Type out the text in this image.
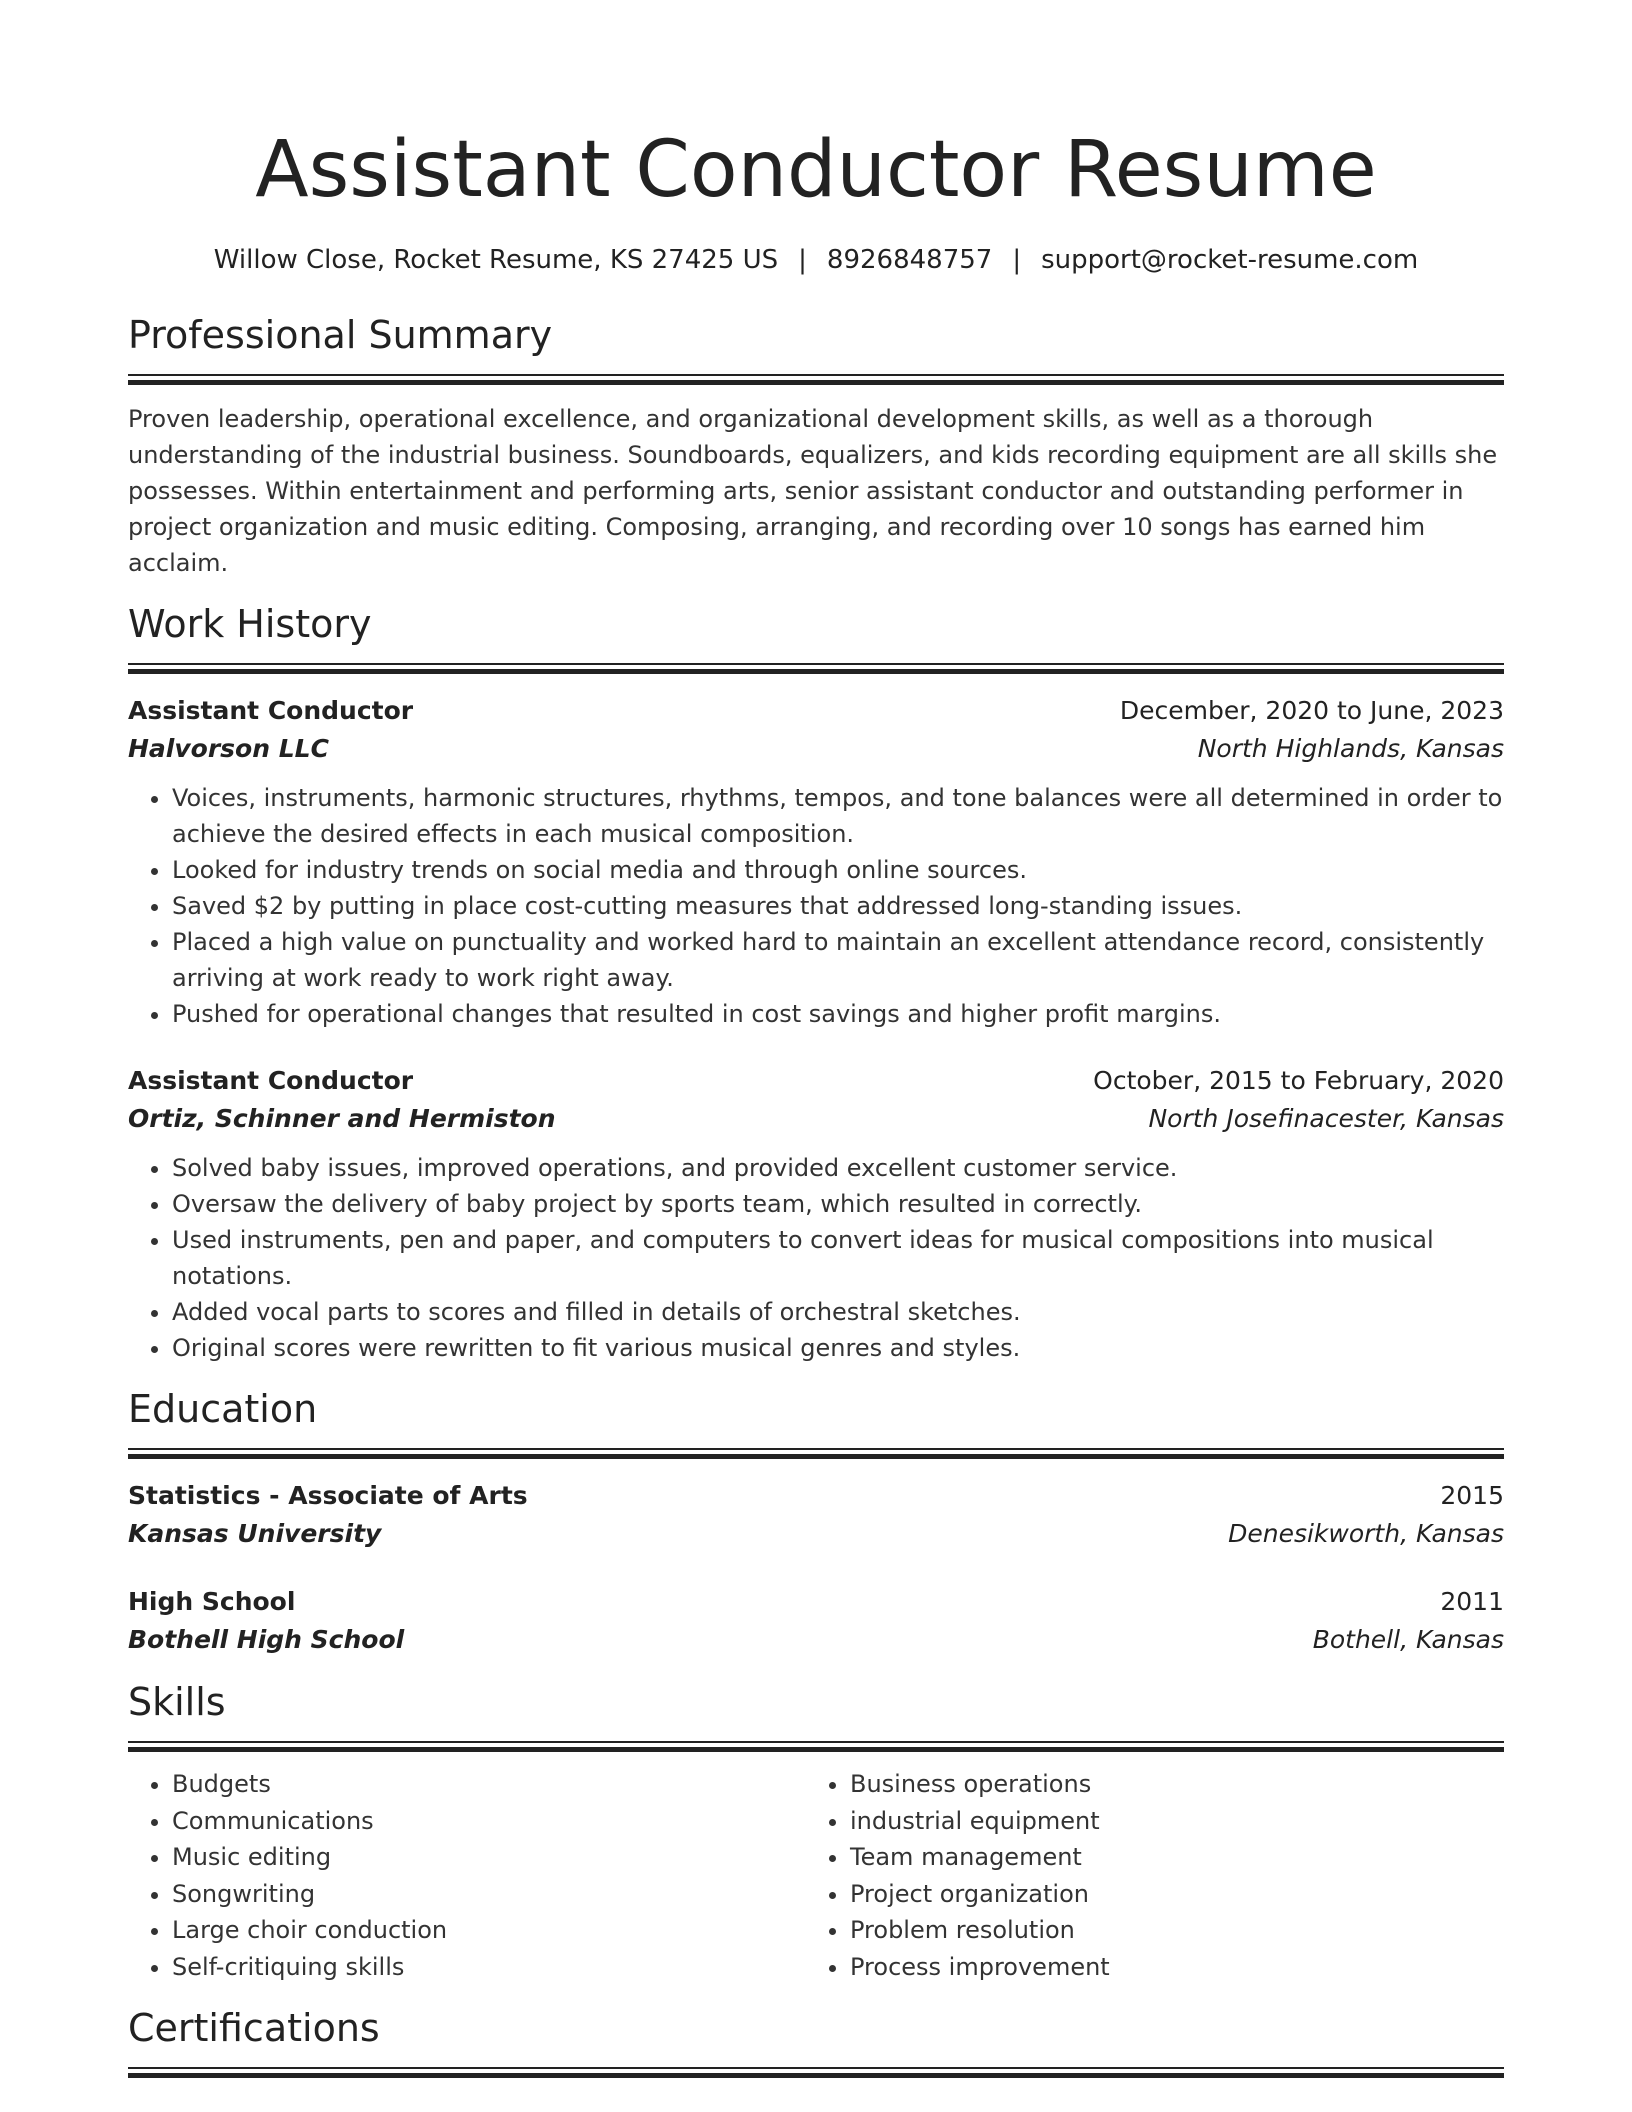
Assistant Conductor Resume
Willow Close, Rocket Resume, KS 27425 US | 8926848757 | support@rocket-resume.com
Professional Summary

Proven leadership, operational excellence, and organizational development skills, as well as a thorough understanding of the industrial business. Soundboards, equalizers, and kids recording equipment are all skills she possesses. Within entertainment and performing arts, senior assistant conductor and outstanding performer in project organization and music editing. Composing, arranging, and recording over 10 songs has earned him acclaim.

Work History
Assistant Conductor	December, 2020 to June, 2023
Halvorson LLC	North Highlands, Kansas
• Voices, instruments, harmonic structures, rhythms, tempos, and tone balances were all determined in order to achieve the desired effects in each musical composition.
• Looked for industry trends on social media and through online sources.
• Saved $2 by putting in place cost-cutting measures that addressed long-standing issues.
• Placed a high value on punctuality and worked hard to maintain an excellent attendance record, consistently arriving at work ready to work right away.
• Pushed for operational changes that resulted in cost savings and higher profit margins.
Assistant Conductor	October, 2015 to February, 2020
Ortiz, Schinner and Hermiston	North Josefinacester, Kansas
• Solved baby issues, improved operations, and provided excellent customer service.
• Oversaw the delivery of baby project by sports team, which resulted in correctly.
• Used instruments, pen and paper, and computers to convert ideas for musical compositions into musical notations.
• Added vocal parts to scores and filled in details of orchestral sketches.
• Original scores were rewritten to fit various musical genres and styles.
Education
Statistics - Associate of Arts	2015
Kansas University	Denesikworth, Kansas
High School	2011
Bothell High School	Bothell, Kansas
Skills
• Budgets
• Communications
• Music editing
• Songwriting
• Large choir conduction
• Self-critiquing skills
• Business operations
• industrial equipment
• Team management
• Project organization
• Problem resolution
• Process improvement
Certifications
